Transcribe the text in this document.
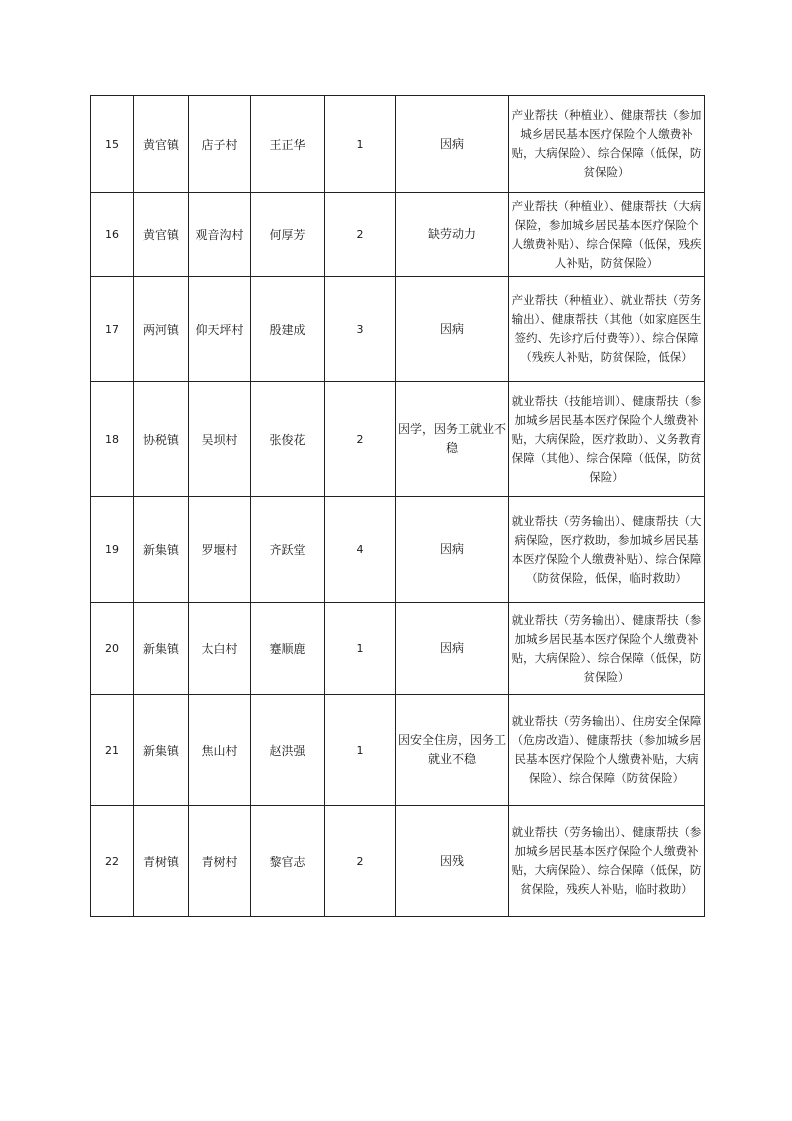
15	黄官镇	店子村	王正华	1	因病	产业帮扶（种植业）、健康帮扶（参加城乡居民基本医疗保险个人缴费补贴，大病保险）、综合保障（低保，防贫保险）
16	黄官镇	观音沟村	何厚芳	2	缺劳动力	产业帮扶（种植业）、健康帮扶（大病保险，参加城乡居民基本医疗保险个人缴费补贴）、综合保障（低保，残疾人补贴，防贫保险）
17	两河镇	仰天坪村	殷建成	3	因病	产业帮扶（种植业）、就业帮扶（劳务输出）、健康帮扶（其他（如家庭医生签约、先诊疗后付费等））、综合保障（残疾人补贴，防贫保险，低保）
18	协税镇	吴坝村	张俊花	2	因学，因务工就业不稳	就业帮扶（技能培训）、健康帮扶（参加城乡居民基本医疗保险个人缴费补贴，大病保险，医疗救助）、义务教育保障（其他）、综合保障（低保，防贫保险）
19	新集镇	罗堰村	齐跃堂	4	因病	就业帮扶（劳务输出）、健康帮扶（大病保险，医疗救助，参加城乡居民基本医疗保险个人缴费补贴）、综合保障（防贫保险，低保，临时救助）
20	新集镇	太白村	蹇顺鹿	1	因病	就业帮扶（劳务输出）、健康帮扶（参加城乡居民基本医疗保险个人缴费补贴，大病保险）、综合保障（低保，防贫保险）
21	新集镇	焦山村	赵洪强	1	因安全住房，因务工就业不稳	就业帮扶（劳务输出）、住房安全保障（危房改造）、健康帮扶（参加城乡居民基本医疗保险个人缴费补贴，大病保险）、综合保障（防贫保险）
22	青树镇	青树村	黎官志	2	因残	就业帮扶（劳务输出）、健康帮扶（参加城乡居民基本医疗保险个人缴费补贴，大病保险）、综合保障（低保，防贫保险，残疾人补贴，临时救助）
